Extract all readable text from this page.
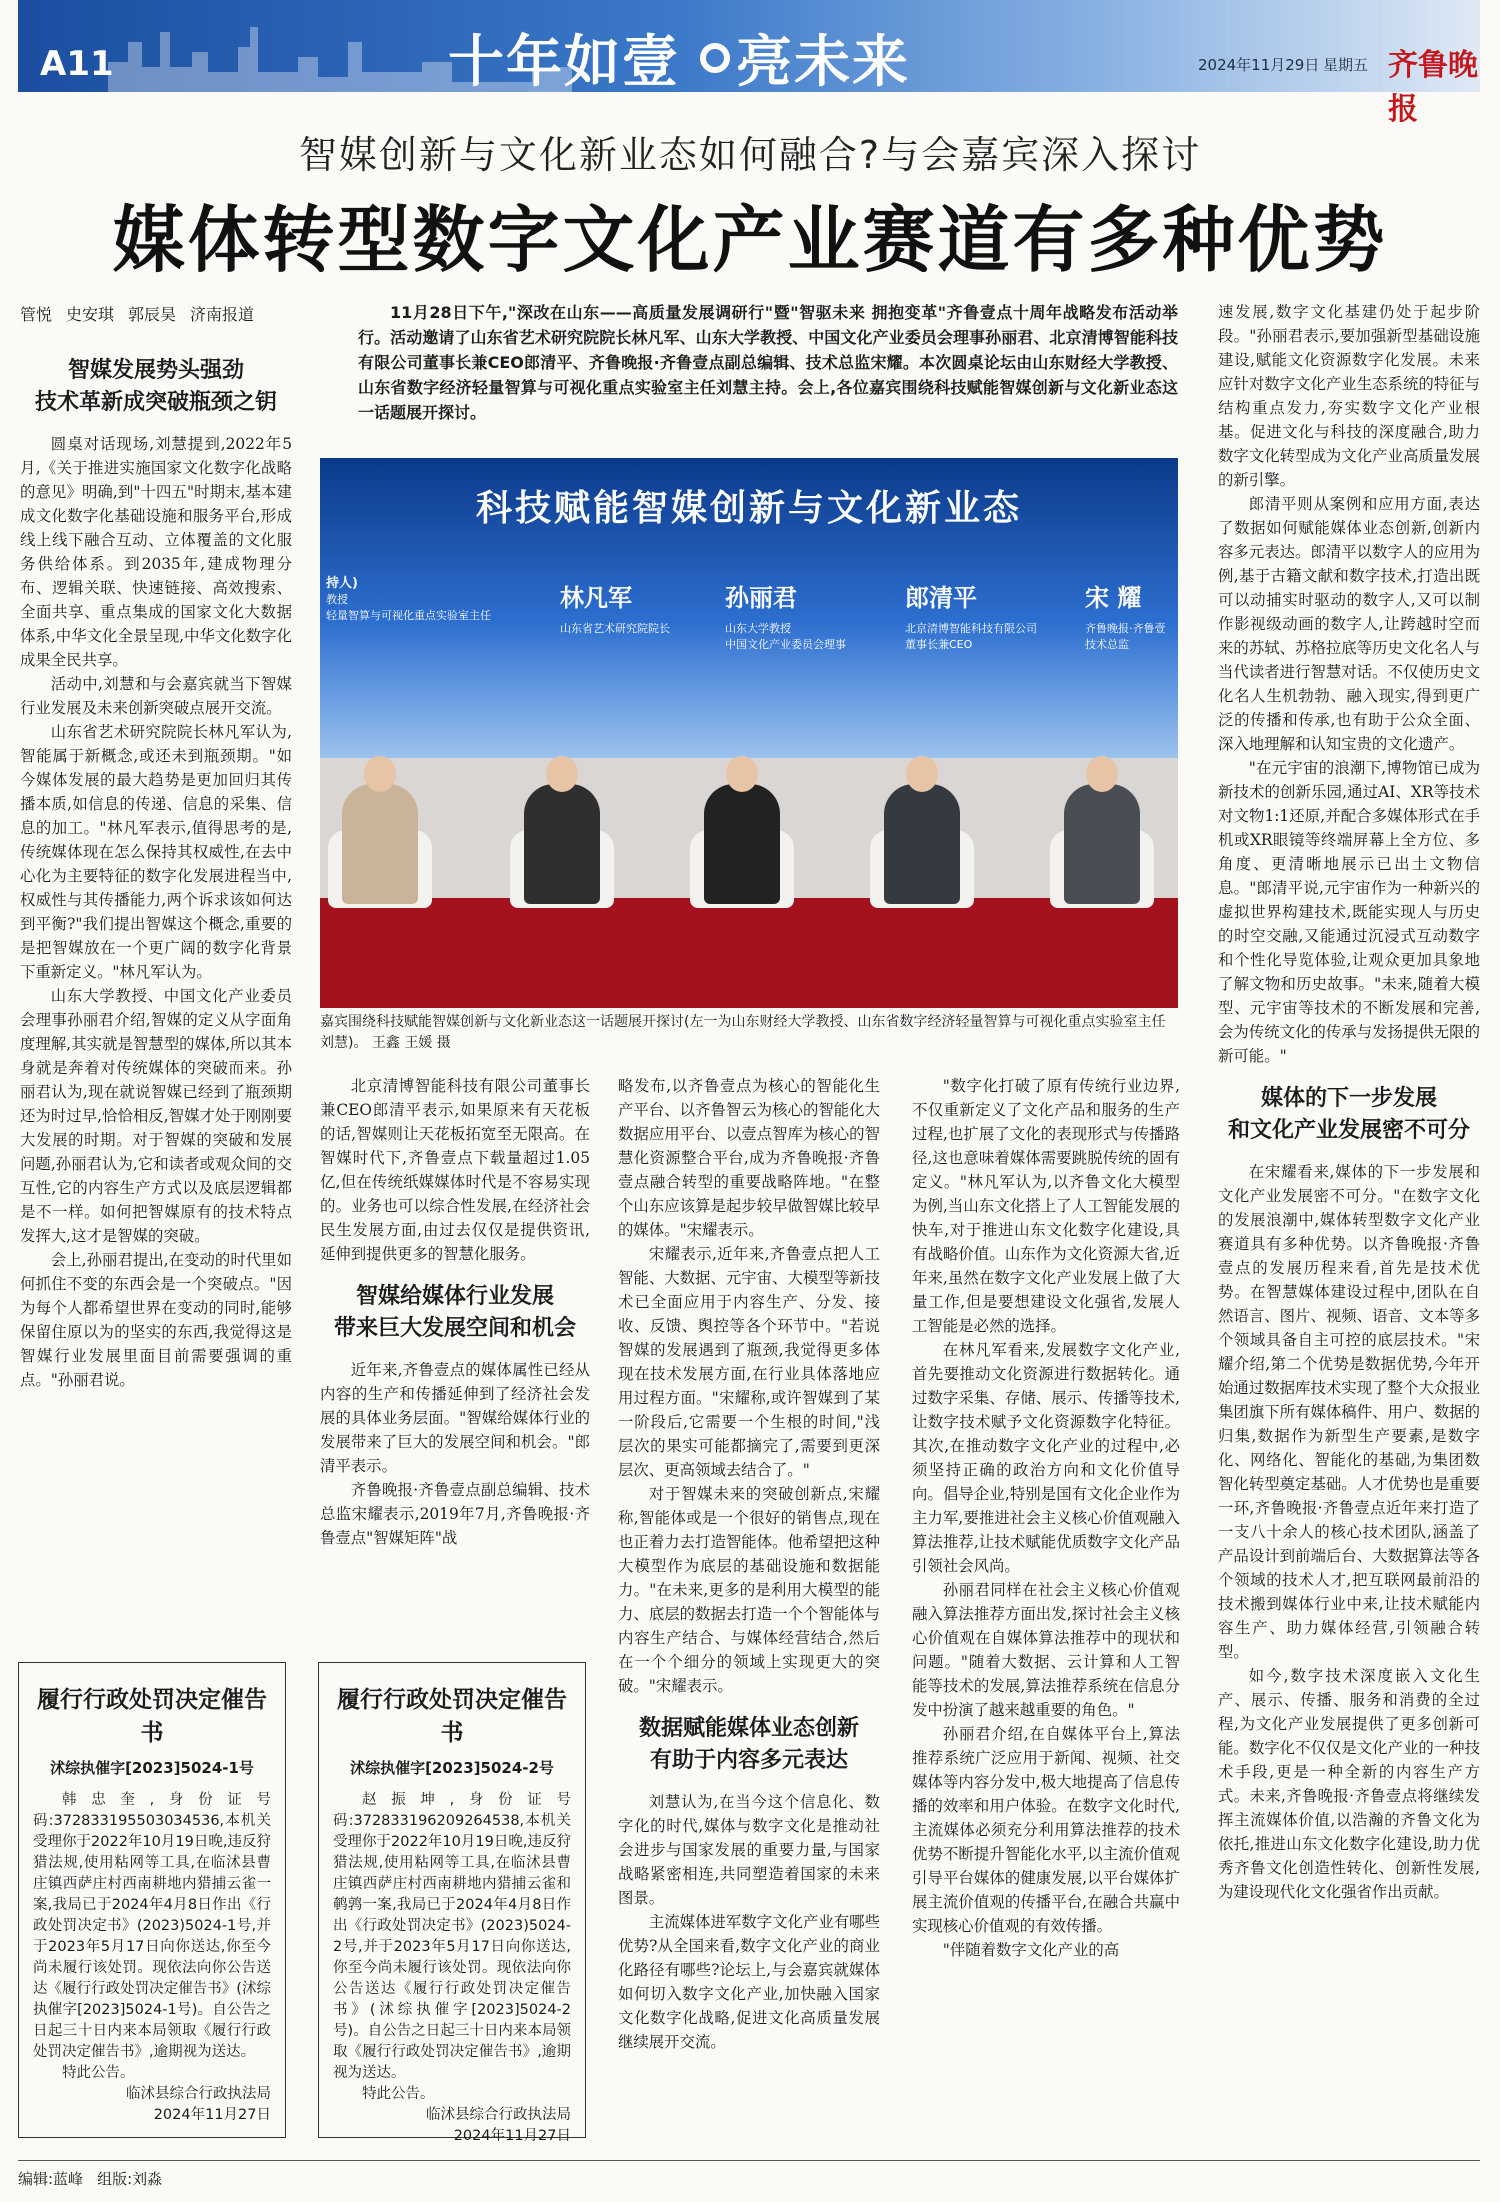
A11	十年如壹 亮未来	2024年11月29日 星期五 齐鲁晚报
智媒创新与文化新业态如何融合?与会嘉宾深入探讨
媒体转型数字文化产业赛道有多种优势
管悦 史安琪 郭辰昊 济南报道	11月28日下午,"深改在山东——高质量发展调研行"暨"智驱未来 拥抱变革"齐鲁壹点十周年战略发布活动举行。活动邀请了山东省艺术研究院院长林凡军、山东大学教授、中国文化产业委员会理事孙丽君、北京清博智能科技有限公司董事长兼CEO郎清平、齐鲁晚报·齐鲁壹点副总编辑、技术总监宋耀。本次圆桌论坛由山东财经大学教授、山东省数字经济轻量智算与可视化重点实验室主任刘慧主持。会上,各位嘉宾围绕科技赋能智媒创新与文化新业态这一话题展开探讨。
智媒发展势头强劲
技术革新成突破瓶颈之钥

圆桌对话现场,刘慧提到,2022年5月,《关于推进实施国家文化数字化战略的意见》明确,到"十四五"时期末,基本建成文化数字化基础设施和服务平台,形成线上线下融合互动、立体覆盖的文化服务供给体系。到2035年,建成物理分布、逻辑关联、快速链接、高效搜索、全面共享、重点集成的国家文化大数据体系,中华文化全景呈现,中华文化数字化成果全民共享。

活动中,刘慧和与会嘉宾就当下智媒行业发展及未来创新突破点展开交流。

山东省艺术研究院院长林凡军认为,智能属于新概念,或还未到瓶颈期。"如今媒体发展的最大趋势是更加回归其传播本质,如信息的传递、信息的采集、信息的加工。"林凡军表示,值得思考的是,传统媒体现在怎么保持其权威性,在去中心化为主要特征的数字化发展进程当中,权威性与其传播能力,两个诉求该如何达到平衡?"我们提出智媒这个概念,重要的是把智媒放在一个更广阔的数字化背景下重新定义。"林凡军认为。

山东大学教授、中国文化产业委员会理事孙丽君介绍,智媒的定义从字面角度理解,其实就是智慧型的媒体,所以其本身就是奔着对传统媒体的突破而来。孙丽君认为,现在就说智媒已经到了瓶颈期还为时过早,恰恰相反,智媒才处于刚刚要大发展的时期。对于智媒的突破和发展问题,孙丽君认为,它和读者或观众间的交互性,它的内容生产方式以及底层逻辑都是不一样。如何把智媒原有的技术特点发挥大,这才是智媒的突破。

会上,孙丽君提出,在变动的时代里如何抓住不变的东西会是一个突破点。"因为每个人都希望世界在变动的同时,能够保留住原以为的坚实的东西,我觉得这是智媒行业发展里面目前需要强调的重点。"孙丽君说。

科技赋能智媒创新与文化新业态
持人)
教授
轻量智算与可视化重点实验室主任
林凡军
山东省艺术研究院院长
孙丽君
山东大学教授
中国文化产业委员会理事
郎清平
北京清博智能科技有限公司
董事长兼CEO
宋 耀
齐鲁晚报·齐鲁壹
技术总监
嘉宾围绕科技赋能智媒创新与文化新业态这一话题展开探讨(左一为山东财经大学教授、山东省数字经济轻量智算与可视化重点实验室主任刘慧)。 王鑫 王媛 摄

北京清博智能科技有限公司董事长兼CEO郎清平表示,如果原来有天花板的话,智媒则让天花板拓宽至无限高。在智媒时代下,齐鲁壹点下载量超过1.05亿,但在传统纸媒媒体时代是不容易实现的。业务也可以综合性发展,在经济社会民生发展方面,由过去仅仅是提供资讯,延伸到提供更多的智慧化服务。

智媒给媒体行业发展
带来巨大发展空间和机会

近年来,齐鲁壹点的媒体属性已经从内容的生产和传播延伸到了经济社会发展的具体业务层面。"智媒给媒体行业的发展带来了巨大的发展空间和机会。"郎清平表示。

齐鲁晚报·齐鲁壹点副总编辑、技术总监宋耀表示,2019年7月,齐鲁晚报·齐鲁壹点"智媒矩阵"战

略发布,以齐鲁壹点为核心的智能化生产平台、以齐鲁智云为核心的智能化大数据应用平台、以壹点智库为核心的智慧化资源整合平台,成为齐鲁晚报·齐鲁壹点融合转型的重要战略阵地。"在整个山东应该算是起步较早做智媒比较早的媒体。"宋耀表示。

宋耀表示,近年来,齐鲁壹点把人工智能、大数据、元宇宙、大模型等新技术已全面应用于内容生产、分发、接收、反馈、舆控等各个环节中。"若说智媒的发展遇到了瓶颈,我觉得更多体现在技术发展方面,在行业具体落地应用过程方面。"宋耀称,或许智媒到了某一阶段后,它需要一个生根的时间,"浅层次的果实可能都摘完了,需要到更深层次、更高领域去结合了。"

对于智媒未来的突破创新点,宋耀称,智能体或是一个很好的销售点,现在也正着力去打造智能体。他希望把这种大模型作为底层的基础设施和数据能力。"在未来,更多的是利用大模型的能力、底层的数据去打造一个个智能体与内容生产结合、与媒体经营结合,然后在一个个细分的领域上实现更大的突破。"宋耀表示。

数据赋能媒体业态创新
有助于内容多元表达

刘慧认为,在当今这个信息化、数字化的时代,媒体与数字文化是推动社会进步与国家发展的重要力量,与国家战略紧密相连,共同塑造着国家的未来图景。

主流媒体进军数字文化产业有哪些优势?从全国来看,数字文化产业的商业化路径有哪些?论坛上,与会嘉宾就媒体如何切入数字文化产业,加快融入国家文化数字化战略,促进文化高质量发展继续展开交流。

"数字化打破了原有传统行业边界,不仅重新定义了文化产品和服务的生产过程,也扩展了文化的表现形式与传播路径,这也意味着媒体需要跳脱传统的固有定义。"林凡军认为,以齐鲁文化大模型为例,当山东文化搭上了人工智能发展的快车,对于推进山东文化数字化建设,具有战略价值。山东作为文化资源大省,近年来,虽然在数字文化产业发展上做了大量工作,但是要想建设文化强省,发展人工智能是必然的选择。

在林凡军看来,发展数字文化产业,首先要推动文化资源进行数据转化。通过数字采集、存储、展示、传播等技术,让数字技术赋予文化资源数字化特征。其次,在推动数字文化产业的过程中,必须坚持正确的政治方向和文化价值导向。倡导企业,特别是国有文化企业作为主力军,要推进社会主义核心价值观融入算法推荐,让技术赋能优质数字文化产品引领社会风尚。

孙丽君同样在社会主义核心价值观融入算法推荐方面出发,探讨社会主义核心价值观在自媒体算法推荐中的现状和问题。"随着大数据、云计算和人工智能等技术的发展,算法推荐系统在信息分发中扮演了越来越重要的角色。"

孙丽君介绍,在自媒体平台上,算法推荐系统广泛应用于新闻、视频、社交媒体等内容分发中,极大地提高了信息传播的效率和用户体验。在数字文化时代,主流媒体必须充分利用算法推荐的技术优势不断提升智能化水平,以主流价值观引导平台媒体的健康发展,以平台媒体扩展主流价值观的传播平台,在融合共赢中实现核心价值观的有效传播。

"伴随着数字文化产业的高

速发展,数字文化基建仍处于起步阶段。"孙丽君表示,要加强新型基础设施建设,赋能文化资源数字化发展。未来应针对数字文化产业生态系统的特征与结构重点发力,夯实数字文化产业根基。促进文化与科技的深度融合,助力数字文化转型成为文化产业高质量发展的新引擎。

郎清平则从案例和应用方面,表达了数据如何赋能媒体业态创新,创新内容多元表达。郎清平以数字人的应用为例,基于古籍文献和数字技术,打造出既可以动捕实时驱动的数字人,又可以制作影视级动画的数字人,让跨越时空而来的苏轼、苏格拉底等历史文化名人与当代读者进行智慧对话。不仅使历史文化名人生机勃勃、融入现实,得到更广泛的传播和传承,也有助于公众全面、深入地理解和认知宝贵的文化遗产。

"在元宇宙的浪潮下,博物馆已成为新技术的创新乐园,通过AI、XR等技术对文物1:1还原,并配合多媒体形式在手机或XR眼镜等终端屏幕上全方位、多角度、更清晰地展示已出土文物信息。"郎清平说,元宇宙作为一种新兴的虚拟世界构建技术,既能实现人与历史的时空交融,又能通过沉浸式互动数字和个性化导览体验,让观众更加具象地了解文物和历史故事。"未来,随着大模型、元宇宙等技术的不断发展和完善,会为传统文化的传承与发扬提供无限的新可能。"

媒体的下一步发展
和文化产业发展密不可分

在宋耀看来,媒体的下一步发展和文化产业发展密不可分。"在数字文化的发展浪潮中,媒体转型数字文化产业赛道具有多种优势。以齐鲁晚报·齐鲁壹点的发展历程来看,首先是技术优势。在智慧媒体建设过程中,团队在自然语言、图片、视频、语音、文本等多个领域具备自主可控的底层技术。"宋耀介绍,第二个优势是数据优势,今年开始通过数据库技术实现了整个大众报业集团旗下所有媒体稿件、用户、数据的归集,数据作为新型生产要素,是数字化、网络化、智能化的基础,为集团数智化转型奠定基础。人才优势也是重要一环,齐鲁晚报·齐鲁壹点近年来打造了一支八十余人的核心技术团队,涵盖了产品设计到前端后台、大数据算法等各个领域的技术人才,把互联网最前沿的技术搬到媒体行业中来,让技术赋能内容生产、助力媒体经营,引领融合转型。

如今,数字技术深度嵌入文化生产、展示、传播、服务和消费的全过程,为文化产业发展提供了更多创新可能。数字化不仅仅是文化产业的一种技术手段,更是一种全新的内容生产方式。未来,齐鲁晚报·齐鲁壹点将继续发挥主流媒体价值,以浩瀚的齐鲁文化为依托,推进山东文化数字化建设,助力优秀齐鲁文化创造性转化、创新性发展,为建设现代化文化强省作出贡献。

履行行政处罚决定催告书
沭综执催字[2023]5024-1号

韩忠奎,身份证号码:372833195503034536,本机关受理你于2022年10月19日晚,违反狩猎法规,使用粘网等工具,在临沭县曹庄镇西萨庄村西南耕地内猎捕云雀一案,我局已于2024年4月8日作出《行政处罚决定书》(2023)5024-1号,并于2023年5月17日向你送达,你至今尚未履行该处罚。现依法向你公告送达《履行行政处罚决定催告书》(沭综执催字[2023]5024-1号)。自公告之日起三十日内来本局领取《履行行政处罚决定催告书》,逾期视为送达。

特此公告。

临沭县综合行政执法局
2024年11月27日
履行行政处罚决定催告书
沭综执催字[2023]5024-2号

赵振坤,身份证号码:372833196209264538,本机关受理你于2022年10月19日晚,违反狩猎法规,使用粘网等工具,在临沭县曹庄镇西萨庄村西南耕地内猎捕云雀和鹌鹑一案,我局已于2024年4月8日作出《行政处罚决定书》(2023)5024-2号,并于2023年5月17日向你送达,你至今尚未履行该处罚。现依法向你公告送达《履行行政处罚决定催告书》(沭综执催字[2023]5024-2号)。自公告之日起三十日内来本局领取《履行行政处罚决定催告书》,逾期视为送达。

特此公告。

临沭县综合行政执法局
2024年11月27日
编辑:蓝峰 组版:刘淼
